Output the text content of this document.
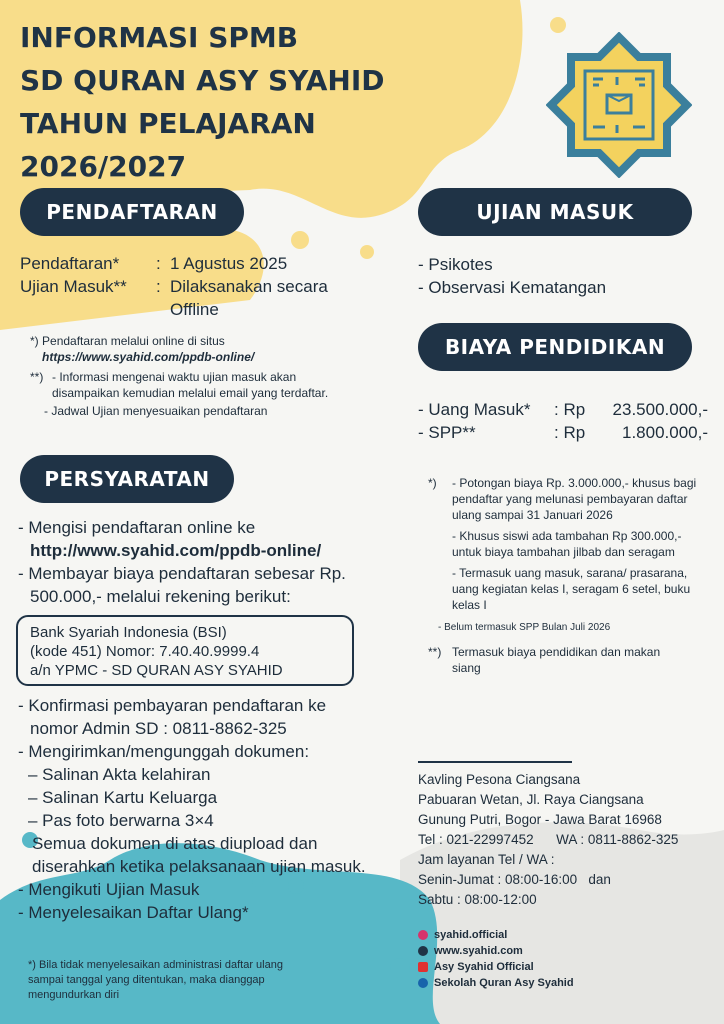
INFORMASI SPMB
SD QURAN ASY SYAHID
TAHUN PELAJARAN
2026/2027
PENDAFTARAN
Pendaftaran*	: 1 Agustus 2025
Ujian Masuk**	: Dilaksanakan secara Offline
*) Pendaftaran melalui online di situs
https://www.syahid.com/ppdb-online/
**) - Informasi mengenai waktu ujian masuk akan disampaikan kemudian melalui email yang terdaftar.
- Jadwal Ujian menyesuaikan pendaftaran
PERSYARATAN
- Mengisi pendaftaran online ke
http://www.syahid.com/ppdb-online/
- Membayar biaya pendaftaran sebesar Rp. 500.000,- melalui rekening berikut:
Bank Syariah Indonesia (BSI)
(kode 451) Nomor: 7.40.40.9999.4
a/n YPMC - SD QURAN ASY SYAHID
- Konfirmasi pembayaran pendaftaran ke nomor Admin SD : 0811-8862-325
- Mengirimkan/mengunggah dokumen:
– Salinan Akta kelahiran
– Salinan Kartu Keluarga
– Pas foto berwarna 3×4
Semua dokumen di atas diupload dan diserahkan ketika pelaksanaan ujian masuk.
- Mengikuti Ujian Masuk
- Menyelesaikan Daftar Ulang*
*) Bila tidak menyelesaikan administrasi daftar ulang sampai tanggal yang ditentukan, maka dianggap mengundurkan diri
UJIAN MASUK
- Psikotes
- Observasi Kematangan
BIAYA PENDIDIKAN
- Uang Masuk*	: Rp	23.500.000,-
- SPP**	: Rp	1.800.000,-
*)	- Potongan biaya Rp. 3.000.000,- khusus bagi pendaftar yang melunasi pembayaran daftar ulang sampai 31 Januari 2026
- Khusus siswi ada tambahan Rp 300.000,- untuk biaya tambahan jilbab dan seragam
- Termasuk uang masuk, sarana/ prasarana, uang kegiatan kelas I, seragam 6 setel, buku kelas I
- Belum termasuk SPP Bulan Juli 2026
**) Termasuk biaya pendidikan dan makan siang
Kavling Pesona Ciangsana
Pabuaran Wetan, Jl. Raya Ciangsana
Gunung Putri, Bogor - Jawa Barat 16968
Tel : 021-22997452      WA : 0811-8862-325
Jam layanan Tel / WA :
Senin-Jumat : 08:00-16:00   dan
Sabtu : 08:00-12:00
syahid.official
www.syahid.com
Asy Syahid Official
Sekolah Quran Asy Syahid
